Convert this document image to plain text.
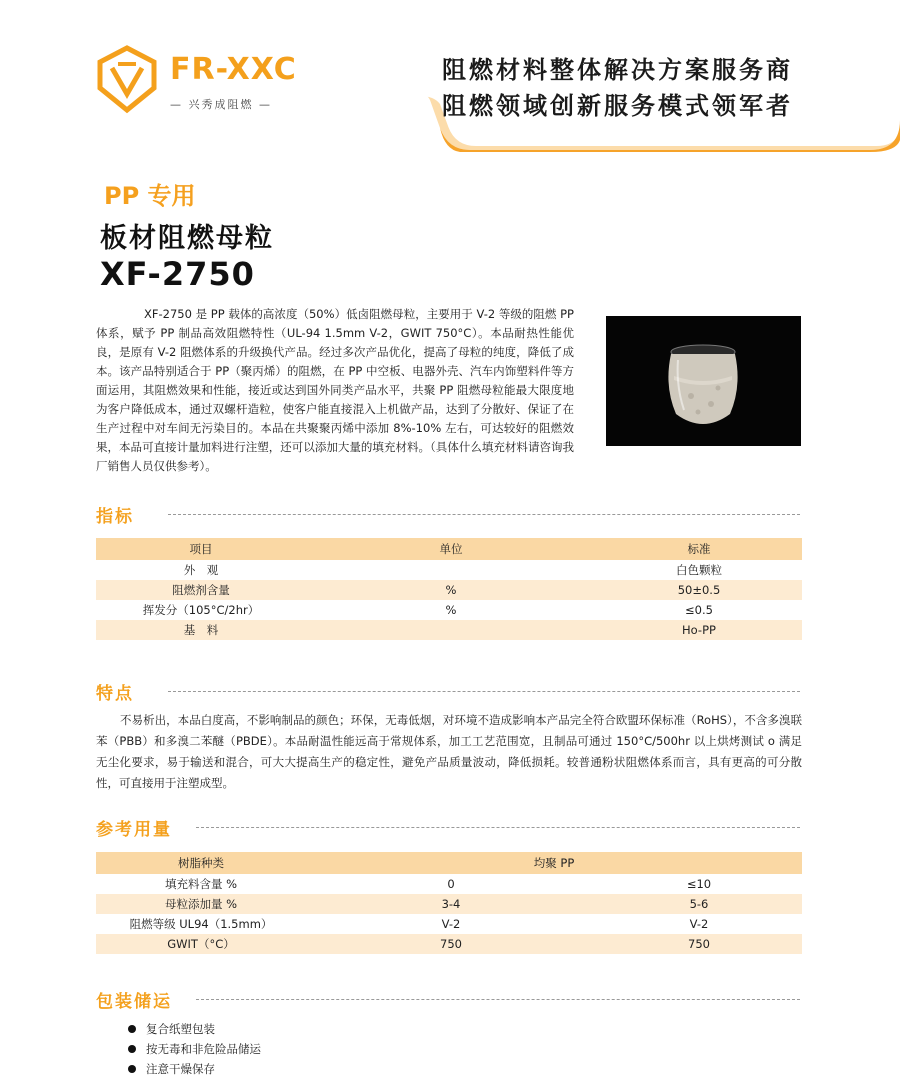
FR-XXC
— 兴秀成阻燃 —
阻燃材料整体解决方案服务商
阻燃领域创新服务模式领军者
PP 专用
板材阻燃母粒
XF-2750

XF-2750 是 PP 载体的高浓度（50%）低卤阻燃母粒，主要用于 V-2 等级的阻燃 PP 体系，赋予 PP 制品高效阻燃特性（UL-94 1.5mm V-2，GWIT 750°C）。本品耐热性能优良，是原有 V-2 阻燃体系的升级换代产品。经过多次产品优化，提高了母粒的纯度，降低了成本。该产品特别适合于 PP（聚丙烯）的阻燃，在 PP 中空板、电器外壳、汽车内饰塑料件等方面运用，其阻燃效果和性能，接近或达到国外同类产品水平，共聚 PP 阻燃母粒能最大限度地为客户降低成本，通过双螺杆造粒，使客户能直接混入上机做产品，达到了分散好、保证了在生产过程中对车间无污染目的。本品在共聚聚丙烯中添加 8%-10% 左右，可达较好的阻燃效果，本品可直接计量加料进行注塑，还可以添加大量的填充材料。（具体什么填充材料请咨询我厂销售人员仅供参考）。

指标
项目	单位	标准
外　观		白色颗粒
阻燃剂含量	%	50±0.5
挥发分（105°C/2hr）	%	≤0.5
基　料		Ho-PP
特点

不易析出，本品白度高，不影响制品的颜色；环保，无毒低烟，对环境不造成影响本产品完全符合欧盟环保标准（RoHS），不含多溴联苯（PBB）和多溴二苯醚（PBDE）。本品耐温性能远高于常规体系，加工工艺范围宽，且制品可通过 150°C/500hr 以上烘烤测试 o 满足无尘化要求，易于输送和混合，可大大提高生产的稳定性，避免产品质量波动，降低损耗。较普通粉状阻燃体系而言，具有更高的可分散性，可直接用于注塑成型。

参考用量
树脂种类	均聚 PP	
填充料含量 %	0	≤10
母粒添加量 %	3-4	5-6
阻燃等级 UL94（1.5mm）	V-2	V-2
GWIT（°C）	750	750
包装储运
复合纸塑包装
按无毒和非危险品储运
注意干燥保存
